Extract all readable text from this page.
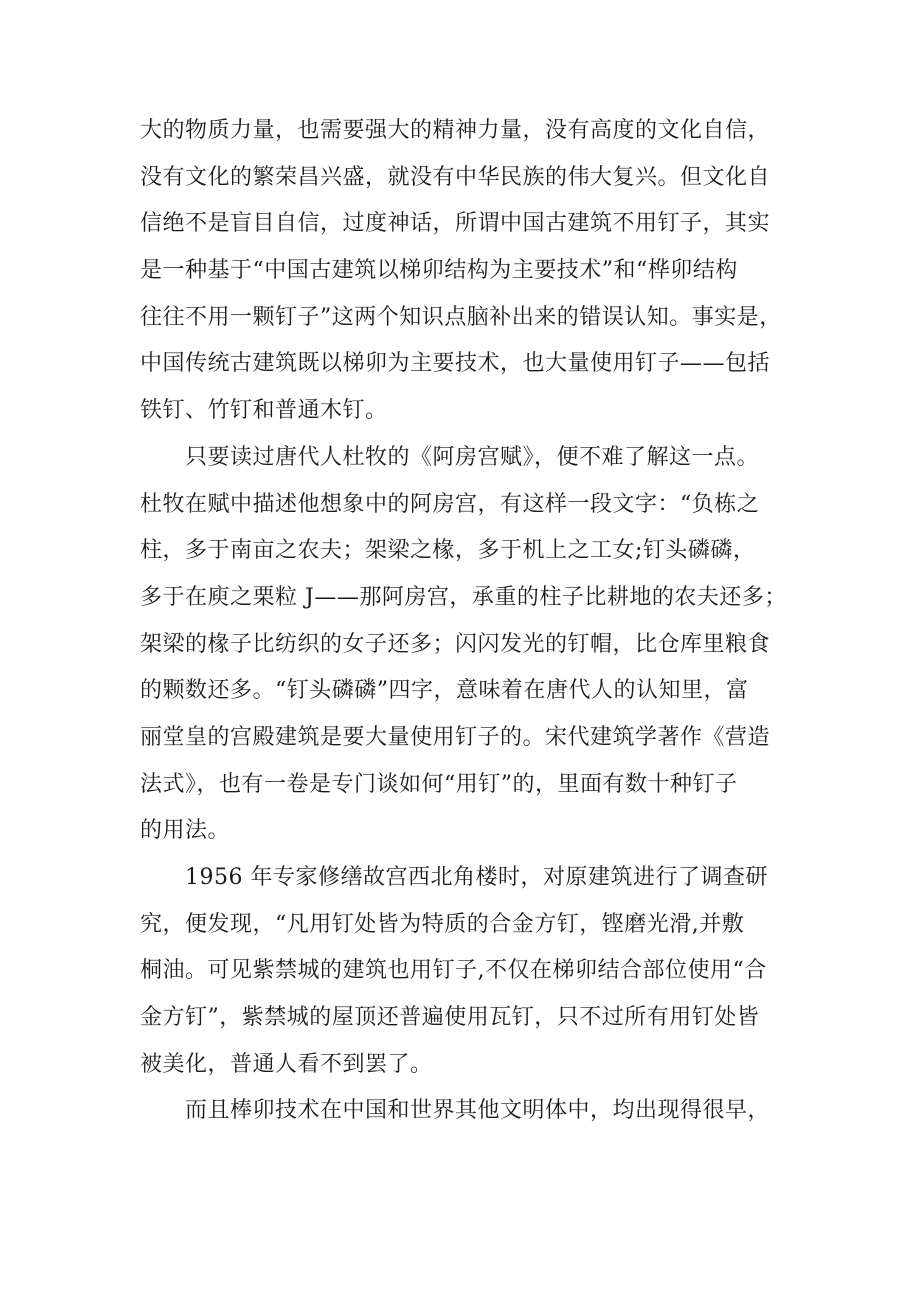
大的物质力量，也需要强大的精神力量，没有高度的文化自信，
没有文化的繁荣昌兴盛，就没有中华民族的伟大复兴。但文化自
信绝不是盲目自信，过度神话，所谓中国古建筑不用钉子，其实
是一种基于“中国古建筑以梯卯结构为主要技术”和“桦卯结构
往往不用一颗钉子”这两个知识点脑补出来的错误认知。事实是，
中国传统古建筑既以梯卯为主要技术，也大量使用钉子——包括
铁钉、竹钉和普通木钉。
只要读过唐代人杜牧的《阿房宫赋》，便不难了解这一点。
杜牧在赋中描述他想象中的阿房宫，有这样一段文字：“负栋之
柱，多于南亩之农夫；架梁之椽，多于机上之工女;钉头磷磷，
多于在庾之栗粒 J——那阿房宫，承重的柱子比耕地的农夫还多；
架梁的椽子比纺织的女子还多；闪闪发光的钉帽，比仓库里粮食
的颗数还多。“钉头磷磷”四字，意味着在唐代人的认知里，富
丽堂皇的宫殿建筑是要大量使用钉子的。宋代建筑学著作《营造
法式》，也有一卷是专门谈如何“用钉”的，里面有数十种钉子
的用法。
1956 年专家修缮故宫西北角楼时，对原建筑进行了调查研
究，便发现，“凡用钉处皆为特质的合金方钉，铿磨光滑,并敷
桐油。可见紫禁城的建筑也用钉子,不仅在梯卯结合部位使用“合
金方钉”，紫禁城的屋顶还普遍使用瓦钉，只不过所有用钉处皆
被美化，普通人看不到罢了。
而且棒卯技术在中国和世界其他文明体中，均出现得很早，
